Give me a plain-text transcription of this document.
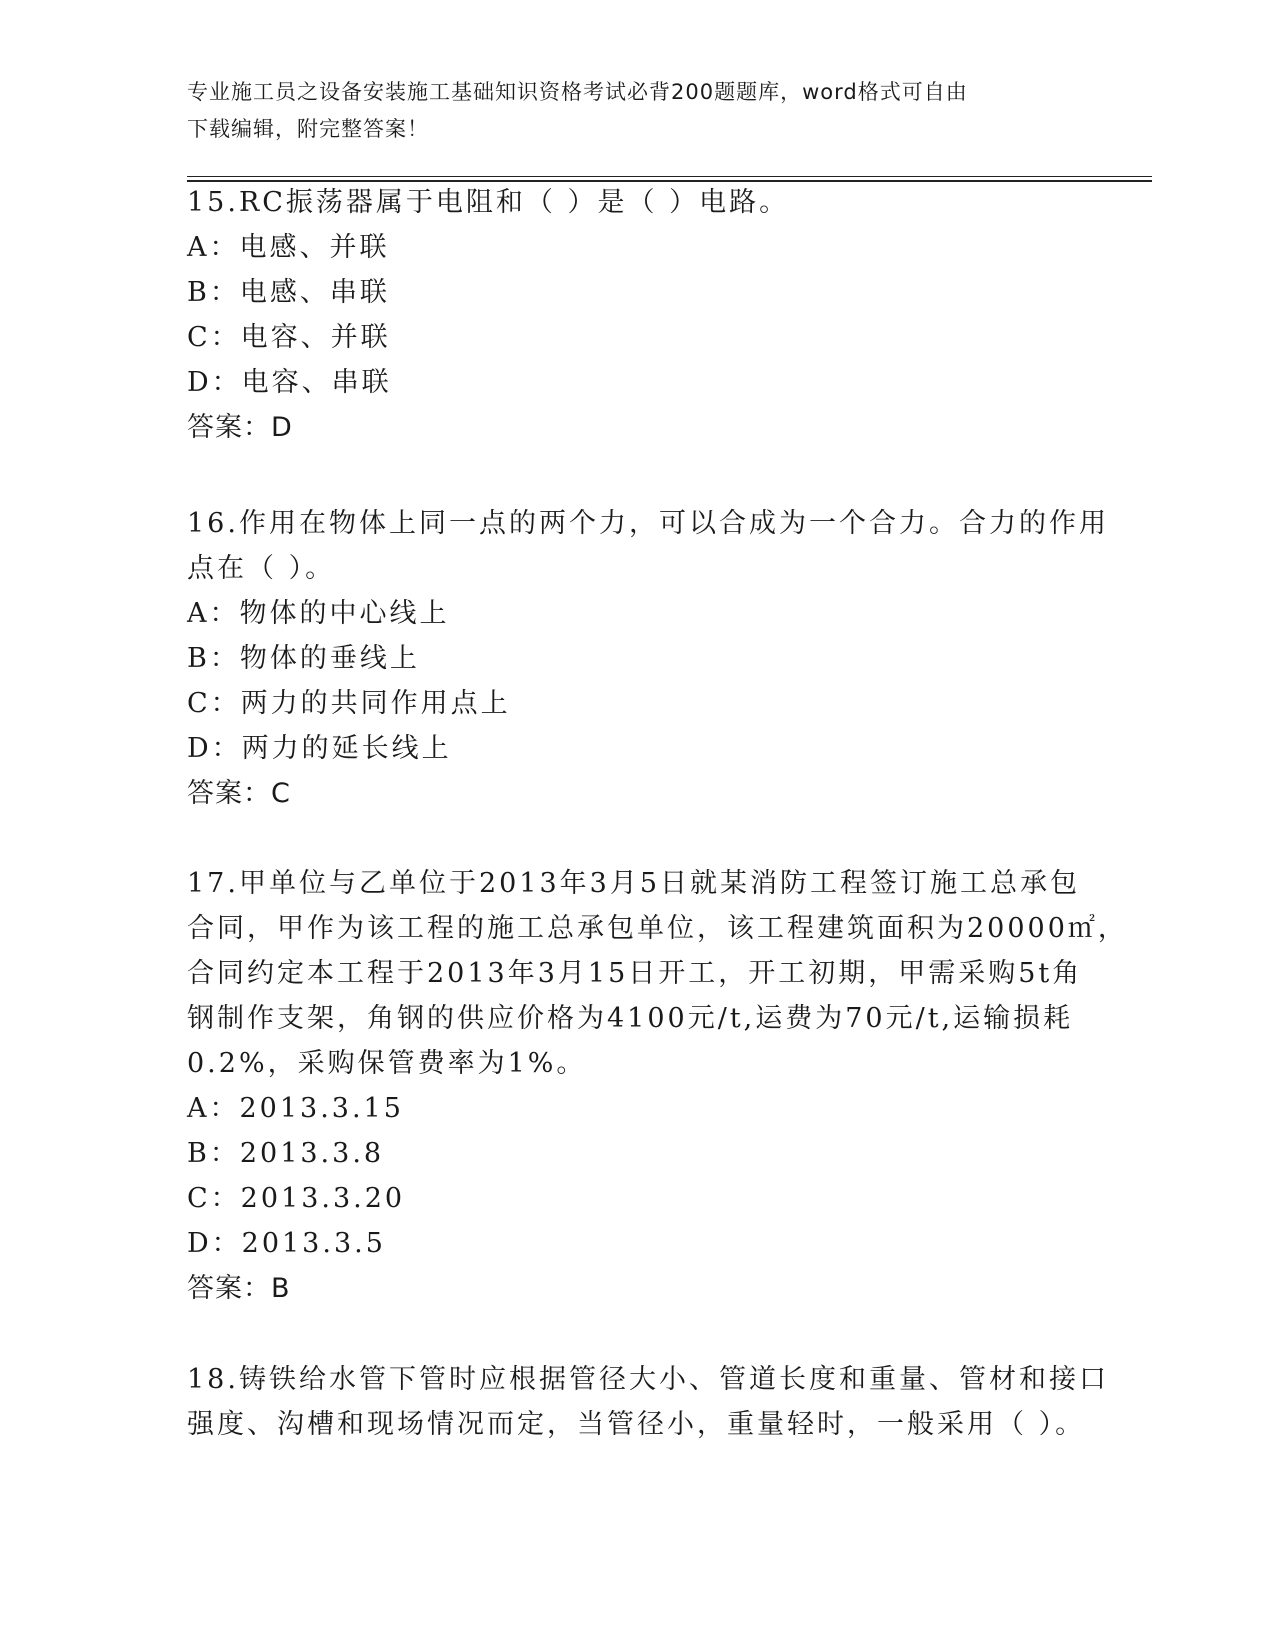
专业施工员之设备安装施工基础知识资格考试必背200题题库，word格式可自由
下载编辑，附完整答案！
15.RC振荡器属于电阻和（ ）是（ ）电路。
A：电感、并联
B：电感、串联
C：电容、并联
D：电容、串联
答案：D
16.作用在物体上同一点的两个力，可以合成为一个合力。合力的作用
点在（ ）。
A：物体的中心线上
B：物体的垂线上
C：两力的共同作用点上
D：两力的延长线上
答案：C
17.甲单位与乙单位于2013年3月5日就某消防工程签订施工总承包
合同，甲作为该工程的施工总承包单位，该工程建筑面积为20000㎡，
合同约定本工程于2013年3月15日开工，开工初期，甲需采购5t角
钢制作支架，角钢的供应价格为4100元/t,运费为70元/t,运输损耗
0.2%，采购保管费率为1%。
A：2013.3.15
B：2013.3.8
C：2013.3.20
D：2013.3.5
答案：B
18.铸铁给水管下管时应根据管径大小、管道长度和重量、管材和接口
强度、沟槽和现场情况而定，当管径小，重量轻时，一般采用（ ）。
